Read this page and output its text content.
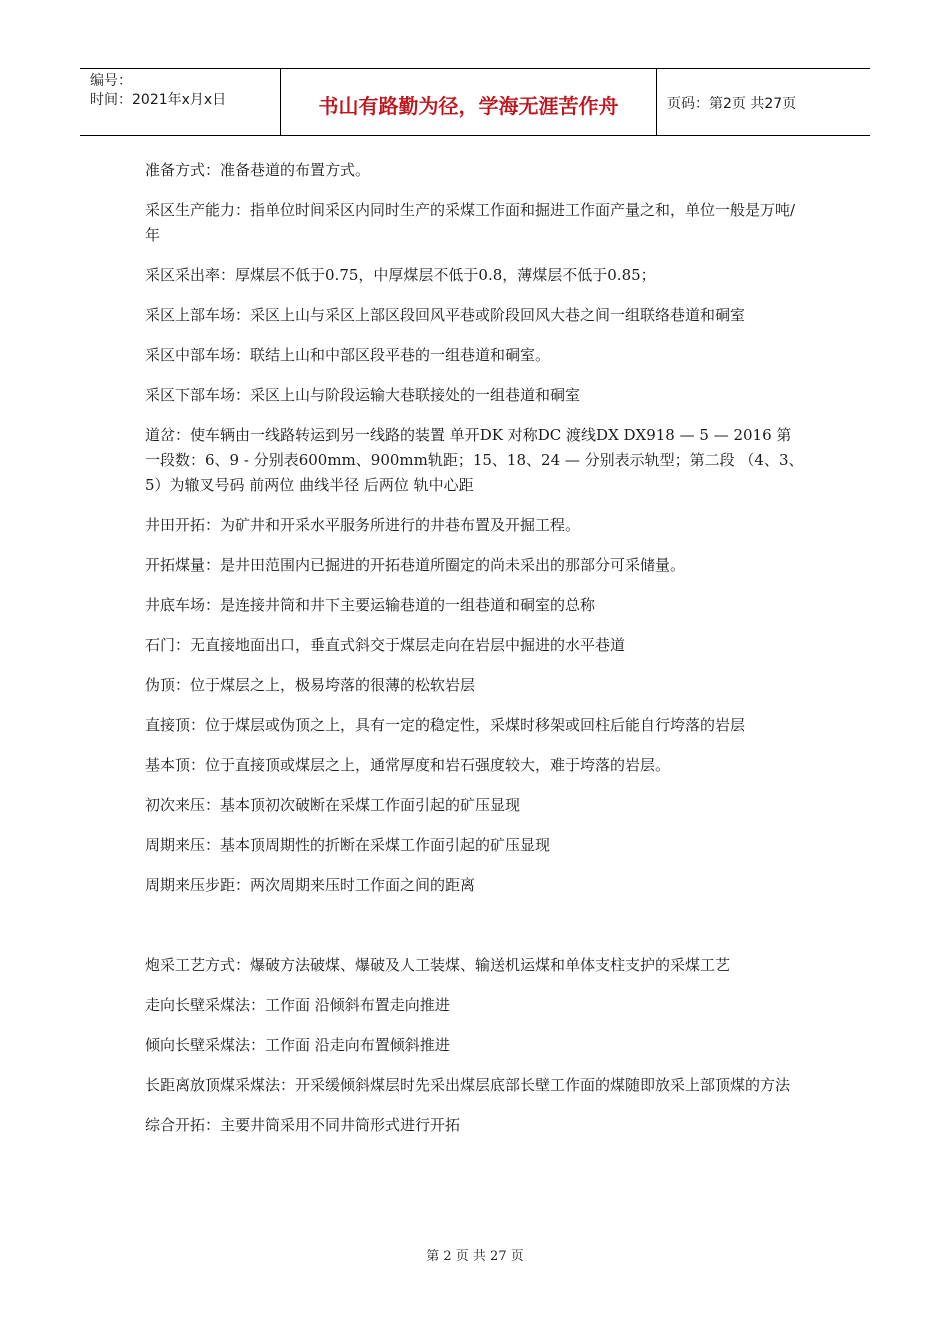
编号：
时间：2021年x月x日	书山有路勤为径，学海无涯苦作舟	页码：第2页 共27页

准备方式：准备巷道的布置方式。

采区生产能力：指单位时间采区内同时生产的采煤工作面和掘进工作面产量之和，单位一般是万吨/年

采区采出率：厚煤层不低于0.75，中厚煤层不低于0.8，薄煤层不低于0.85；

采区上部车场：采区上山与采区上部区段回风平巷或阶段回风大巷之间一组联络巷道和硐室

采区中部车场：联结上山和中部区段平巷的一组巷道和硐室。

采区下部车场：采区上山与阶段运输大巷联接处的一组巷道和硐室

道岔：使车辆由一线路转运到另一线路的装置 单开DK 对称DC 渡线DX DX918 — 5 — 2016 第一段数：6、9 - 分别表600mm、900mm轨距；15、18、24 — 分别表示轨型；第二段 （4、3、5）为辙叉号码 前两位 曲线半径 后两位 轨中心距

井田开拓：为矿井和开采水平服务所进行的井巷布置及开掘工程。

开拓煤量：是井田范围内已掘进的开拓巷道所圈定的尚未采出的那部分可采储量。

井底车场：是连接井筒和井下主要运输巷道的一组巷道和硐室的总称

石门：无直接地面出口，垂直式斜交于煤层走向在岩层中掘进的水平巷道

伪顶：位于煤层之上，极易垮落的很薄的松软岩层

直接顶：位于煤层或伪顶之上，具有一定的稳定性，采煤时移架或回柱后能自行垮落的岩层

基本顶：位于直接顶或煤层之上，通常厚度和岩石强度较大，难于垮落的岩层。

初次来压：基本顶初次破断在采煤工作面引起的矿压显现

周期来压：基本顶周期性的折断在采煤工作面引起的矿压显现

周期来压步距：两次周期来压时工作面之间的距离

炮采工艺方式：爆破方法破煤、爆破及人工装煤、输送机运煤和单体支柱支护的采煤工艺

走向长壁采煤法：工作面 沿倾斜布置走向推进

倾向长壁采煤法：工作面 沿走向布置倾斜推进

长距离放顶煤采煤法：开采缓倾斜煤层时先采出煤层底部长壁工作面的煤随即放采上部顶煤的方法

综合开拓：主要井筒采用不同井筒形式进行开拓

第 2 页 共 27 页
